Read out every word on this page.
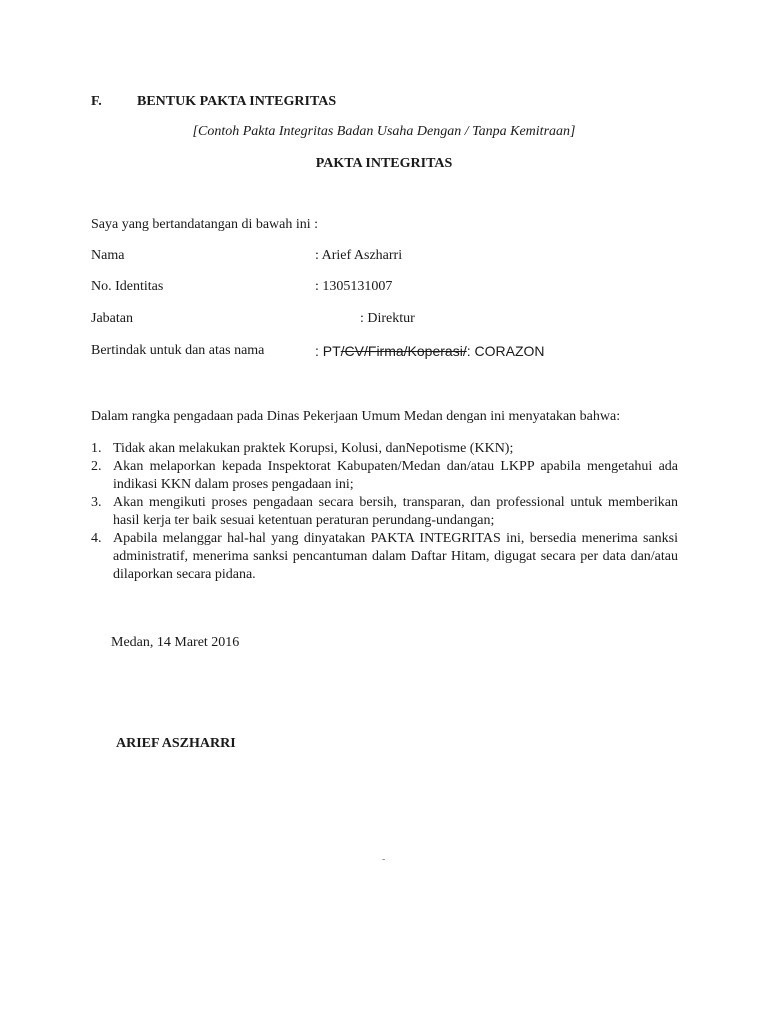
F.	BENTUK PAKTA INTEGRITAS
[Contoh Pakta Integritas Badan Usaha Dengan / Tanpa Kemitraan]
PAKTA INTEGRITAS
Saya yang bertandatangan di bawah ini :
Nama	: Arief Aszharri
No. Identitas	: 1305131007
Jabatan	: Direktur
Bertindak untuk dan atas nama	: PT/CV/Firma/Koperasi/: CORAZON
Dalam rangka pengadaan pada Dinas Pekerjaan Umum Medan dengan ini menyatakan bahwa:
1. Tidak akan melakukan praktek Korupsi, Kolusi, danNepotisme (KKN);
2. Akan melaporkan kepada Inspektorat Kabupaten/Medan dan/atau LKPP apabila mengetahui ada indikasi KKN dalam proses pengadaan ini;
3. Akan mengikuti proses pengadaan secara bersih, transparan, dan professional untuk memberikan hasil kerja ter baik sesuai ketentuan peraturan perundang-undangan;
4. Apabila melanggar hal-hal yang dinyatakan PAKTA INTEGRITAS ini, bersedia menerima sanksi administratif, menerima sanksi pencantuman dalam Daftar Hitam, digugat secara per data dan/atau dilaporkan secara pidana.
Medan, 14 Maret 2016
ARIEF ASZHARRI
-
